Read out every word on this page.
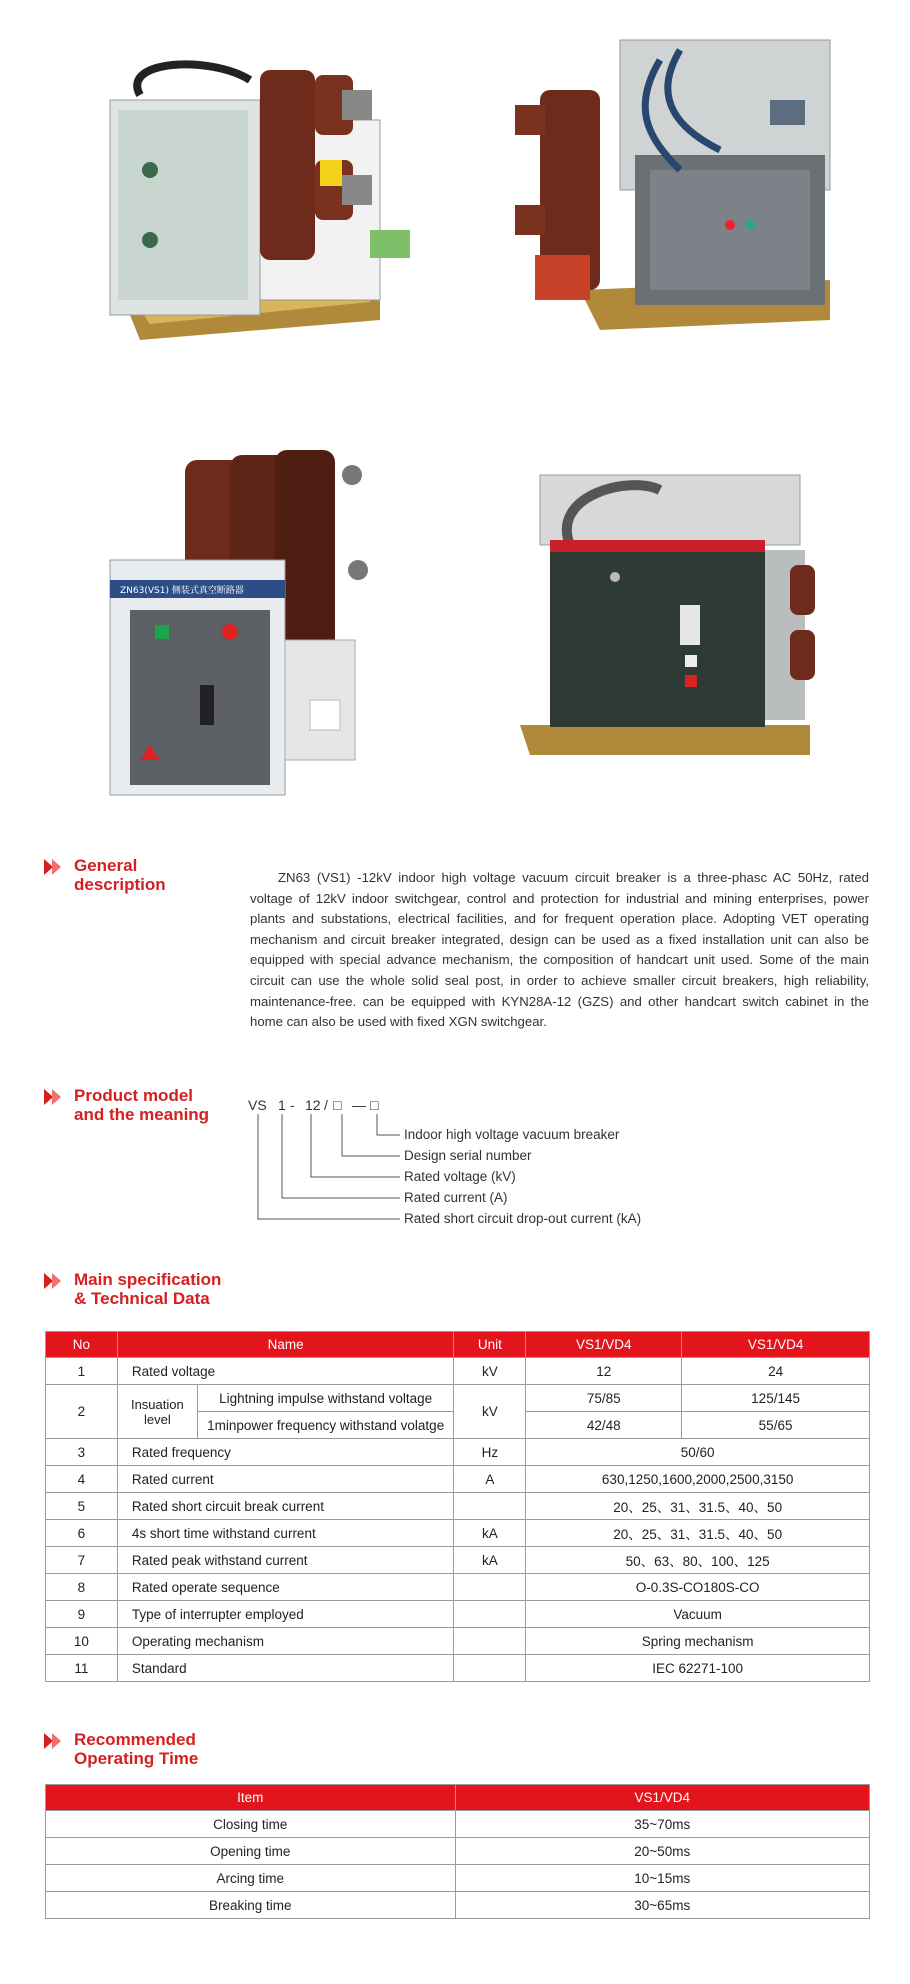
ZN63(VS1) 侧装式真空断路器
General
description	ZN63 (VS1) -12kV indoor high voltage vacuum circuit breaker is a three-phasc AC 50Hz, rated voltage of 12kV indoor switchgear, control and protection for industrial and mining enterprises, power plants and substations, electrical facilities, and for frequent operation place. Adopting VET operating mechanism and circuit breaker integrated, design can be used as a fixed installation unit can also be equipped with special advance mechanism, the composition of handcart unit used. Some of the main circuit can use the whole solid seal post, in order to achieve smaller circuit breakers, high reliability, maintenance-free. can be equipped with KYN28A-12 (GZS) and other handcart switch cabinet in the home can also be used with fixed XGN switchgear.

Product model
and the meaning	VS 1 - 12 / □ — □
Indoor high voltage vacuum breaker
Design serial number
Rated voltage (kV)
Rated current (A)
Rated short circuit drop-out current (kA)
Main specification
& Technical Data
No	Name		Unit	VS1/VD4	VS1/VD4
1	Rated voltage		kV	12	24
2	Insuation level	Lightning impulse withstand voltage	kV	75/85	125/145
		1minpower frequency withstand volatge		42/48	55/65
3	Rated frequency		Hz	50/60	
4	Rated current		A	630,1250,1600,2000,2500,3150	
5	Rated short circuit break current			20、25、31、31.5、40、50	
6	4s short time withstand current		kA	20、25、31、31.5、40、50	
7	Rated peak withstand current		kA	50、63、80、100、125	
8	Rated operate sequence			O-0.3S-CO180S-CO	
9	Type of interrupter employed			Vacuum	
10	Operating mechanism			Spring mechanism	
11	Standard			IEC 62271-100	
Recommended
Operating Time
Item	VS1/VD4
Closing time	35~70ms
Opening time	20~50ms
Arcing time	10~15ms
Breaking time	30~65ms
